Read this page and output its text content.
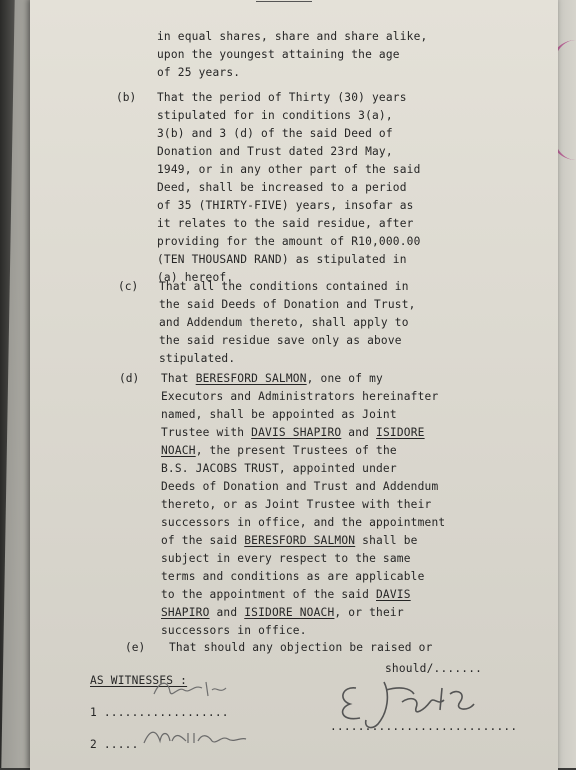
in equal shares, share and share alike,

upon the youngest attaining the age

of 25 years.

(b) That the period of Thirty (30) years

stipulated for in conditions 3(a),

3(b) and 3 (d) of the said Deed of

Donation and Trust dated 23rd May,

1949, or in any other part of the said

Deed, shall be increased to a period

of 35 (THIRTY-FIVE) years, insofar as

it relates to the said residue, after

providing for the amount of R10,000.00

(TEN THOUSAND RAND) as stipulated in

(a) hereof.

(c) That all the conditions contained in

the said Deeds of Donation and Trust,

and Addendum thereto, shall apply to

the said residue save only as above

stipulated.

(d) That BERESFORD SALMON, one of my

Executors and Administrators hereinafter

named, shall be appointed as Joint

Trustee with DAVIS SHAPIRO and ISIDORE

NOACH, the present Trustees of the

B.S. JACOBS TRUST, appointed under

Deeds of Donation and Trust and Addendum

thereto, or as Joint Trustee with their

successors in office, and the appointment

of the said BERESFORD SALMON shall be

subject in every respect to the same

terms and conditions as are applicable

to the appointment of the said DAVIS

SHAPIRO and ISIDORE NOACH, or their

successors in office.

(e) That should any objection be raised or

should/.......

AS WITNESSES :

1 ..................

2 .....

...........................
